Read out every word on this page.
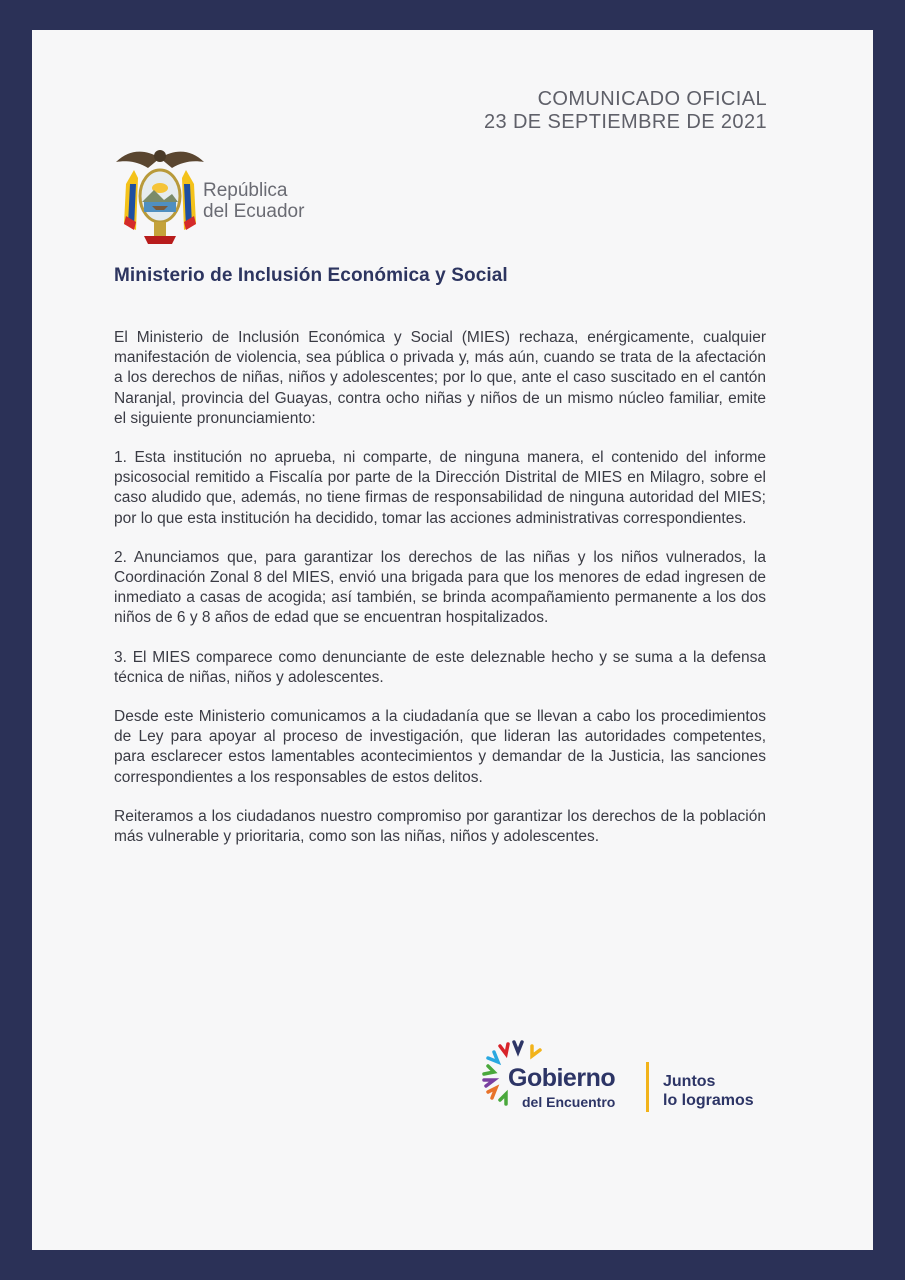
COMUNICADO OFICIAL
23 DE SEPTIEMBRE DE 2021
República
del Ecuador
Ministerio de Inclusión Económica y Social

El Ministerio de Inclusión Económica y Social (MIES) rechaza, enérgicamente, cualquier manifestación de violencia, sea pública o privada y, más aún, cuando se trata de la afectación a los derechos de niñas, niños y adolescentes; por lo que, ante el caso suscitado en el cantón Naranjal, provincia del Guayas, contra ocho niñas y niños de un mismo núcleo familiar, emite el siguiente pronunciamiento:

1. Esta institución no aprueba, ni comparte, de ninguna manera, el contenido del informe psicosocial remitido a Fiscalía por parte de la Dirección Distrital de MIES en Milagro, sobre el caso aludido que, además, no tiene firmas de responsabilidad de ninguna autoridad del MIES; por lo que esta institución ha decidido, tomar las acciones administrativas correspondientes.

2. Anunciamos que, para garantizar los derechos de las niñas y los niños vulnerados, la Coordinación Zonal 8 del MIES, envió una brigada para que los menores de edad ingresen de inmediato a casas de acogida; así también, se brinda acompañamiento permanente a los dos niños de 6 y 8 años de edad que se encuentran hospitalizados.

3. El MIES comparece como denunciante de este deleznable hecho y se suma a la defensa técnica de niñas, niños y adolescentes.

Desde este Ministerio comunicamos a la ciudadanía que se llevan a cabo los procedimientos de Ley para apoyar al proceso de investigación, que lideran las autoridades competentes, para esclarecer estos lamentables acontecimientos y demandar de la Justicia, las sanciones correspondientes a los responsables de estos delitos.

Reiteramos a los ciudadanos nuestro compromiso por garantizar los derechos de la población más vulnerable y prioritaria, como son las niñas, niños y adolescentes.

Gobierno
del Encuentro
Juntos
lo logramos
